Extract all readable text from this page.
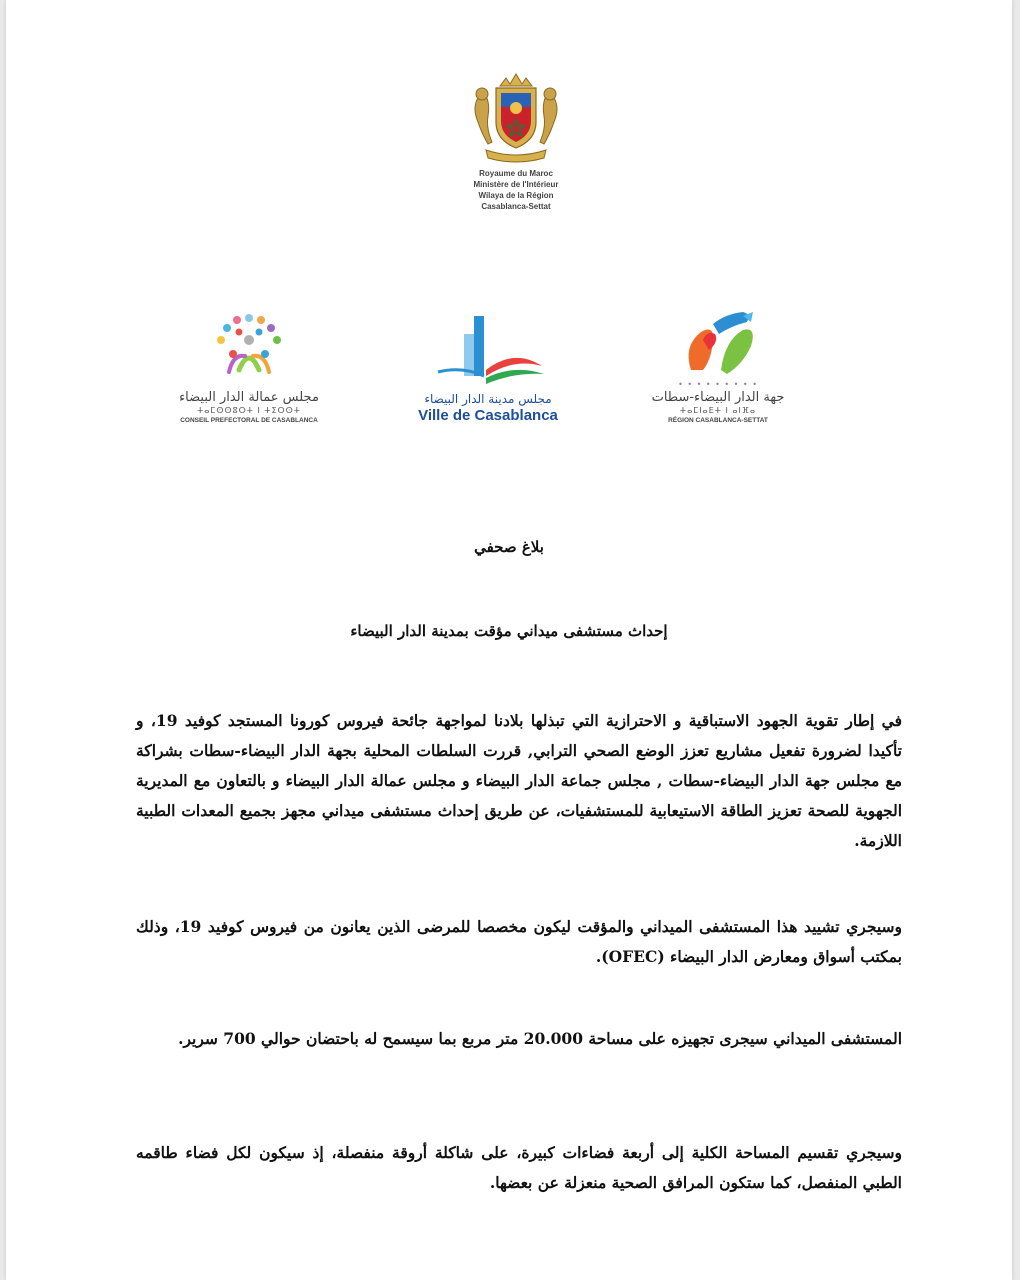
Royaume du Maroc
Ministère de l'Intérieur
Wilaya de la Région
Casablanca-Settat
مجلس عمالة الدار البيضاء
ⵜⴰⵎⵙⵙⵓⵔⵜ ⵏ ⵜⵉⵔⵙⵜ
CONSEIL PREFECTORAL DE CASABLANCA
مجلس مدينة الدار البيضاء
Ville de Casablanca
• • • • • • • • •
جهة الدار البيضاء-سطات
ⵜⴰⵎⵏⴰⴹⵜ ⵏ ⴰⵏⴼⴰ
RÉGION CASABLANCA-SETTAT
بلاغ صحفي
إحداث مستشفى ميداني مؤقت بمدينة الدار البيضاء

في إطار تقوية الجهود الاستباقية و الاحترازية التي تبذلها بلادنا لمواجهة جائحة فيروس كورونا المستجد كوفيد 19، و تأكيدا لضرورة تفعيل مشاريع تعزز الوضع الصحي الترابي, قررت السلطات المحلية بجهة الدار البيضاء-سطات بشراكة مع مجلس جهة الدار البيضاء-سطات , مجلس جماعة الدار البيضاء و مجلس عمالة الدار البيضاء و بالتعاون مع المديرية الجهوية للصحة تعزيز الطاقة الاستيعابية للمستشفيات، عن طريق إحداث مستشفى ميداني مجهز بجميع المعدات الطبية اللازمة.

وسيجري تشييد هذا المستشفى الميداني والمؤقت ليكون مخصصا للمرضى الذين يعانون من فيروس كوفيد 19، وذلك بمكتب أسواق ومعارض الدار البيضاء (OFEC).

المستشفى الميداني سيجرى تجهيزه على مساحة 20.000 متر مربع بما سيسمح له باحتضان حوالي 700 سرير.

وسيجري تقسيم المساحة الكلية إلى أربعة فضاءات كبيرة، على شاكلة أروقة منفصلة، إذ سيكون لكل فضاء طاقمه الطبي المنفصل، كما ستكون المرافق الصحية منعزلة عن بعضها.
